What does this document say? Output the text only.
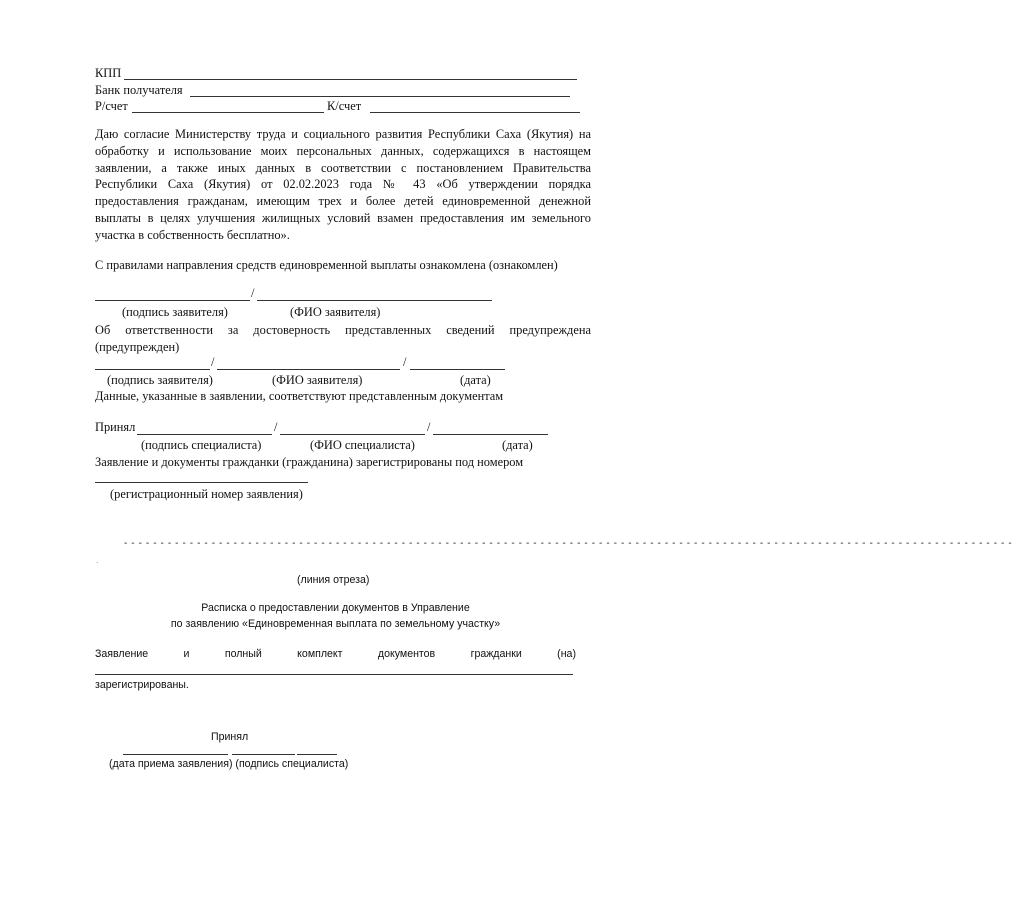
КПП
Банк получателя
Р/счет	К/счет
Даю согласие Министерству труда и социального развития Республики Саха (Якутия) на обработку и использование моих персональных данных, содержащихся в настоящем заявлении, а также иных данных в соответствии с постановлением Правительства Республики Саха (Якутия) от 02.02.2023 года № 43 «Об утверждении порядка предоставления гражданам, имеющим трех и более детей единовременной денежной выплаты в целях улучшения жилищных условий взамен предоставления им земельного участка в собственность бесплатно».
С правилами направления средств единовременной выплаты ознакомлена (ознакомлен)
/
(подпись заявителя)	(ФИО заявителя)
Об ответственности за достоверность представленных сведений предупреждена (предупрежден)
/	/
(подпись заявителя)	(ФИО заявителя)	(дата)
Данные, указанные в заявлении, соответствуют представленным документам
Принял	/	/
(подпись специалиста)	(ФИО специалиста)	(дата)
Заявление и документы гражданки (гражданина) зарегистрированы под номером
(регистрационный номер заявления)
- - - - - - - - - - - - - - - - - - - - - - - - - - - - - - - - - - - - - - - - - - - - - - - - - - - - - - - - - - - - - - - - - - - - - - - - - - - - - - - - - - - - - - - - - - - - - - - - - - - - - - - - - - - - - - - - - - - - - - - - - -
·
(линия отреза)
Расписка о предоставлении документов в Управление
по заявлению «Единовременная выплата по земельному участку»
Заявление	и	полный	комплект	документов	гражданки	(на)
зарегистрированы.
Принял
(дата приема заявления) (подпись специалиста)
